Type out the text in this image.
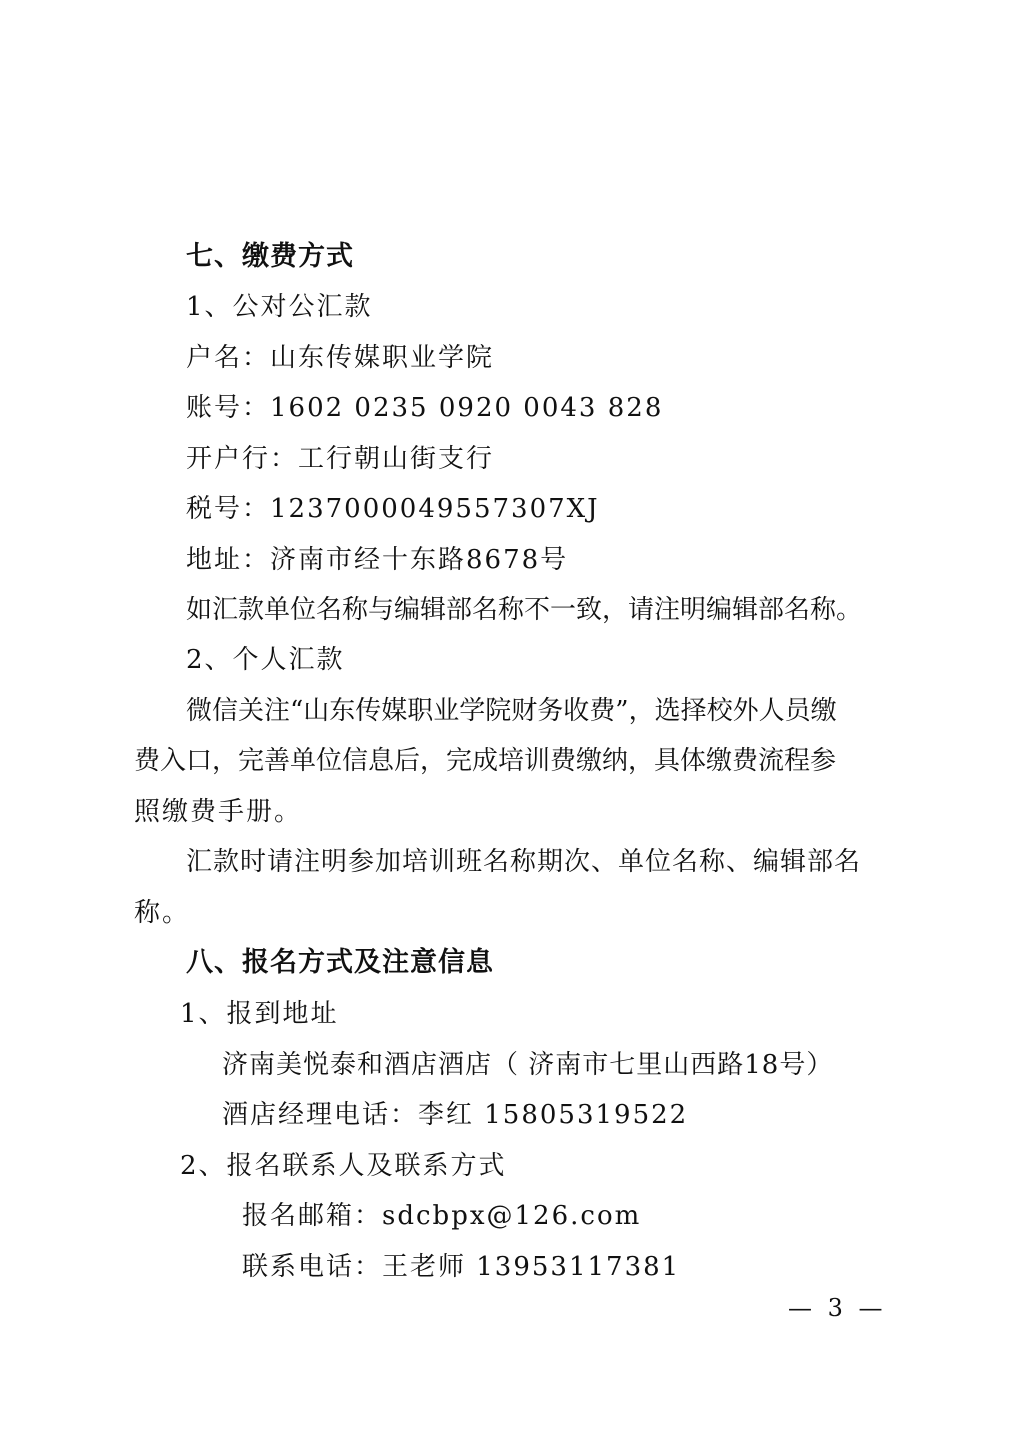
七、缴费方式
1、公对公汇款
户名：山东传媒职业学院
账号：1602 0235 0920 0043 828
开户行：工行朝山街支行
税号：1237000049557307XJ
地址：济南市经十东路8678号
如汇款单位名称与编辑部名称不一致，请注明编辑部名称。
2、个人汇款
微信关注“山东传媒职业学院财务收费”，选择校外人员缴
费入口，完善单位信息后，完成培训费缴纳，具体缴费流程参
照缴费手册。
汇款时请注明参加培训班名称期次、单位名称、编辑部名
称。
八、报名方式及注意信息
1、报到地址
济南美悦泰和酒店酒店（ 济南市七里山西路18号）
酒店经理电话：李红 15805319522
2、报名联系人及联系方式
报名邮箱：sdcbpx@126.com
联系电话：王老师 13953117381
— 3 —
